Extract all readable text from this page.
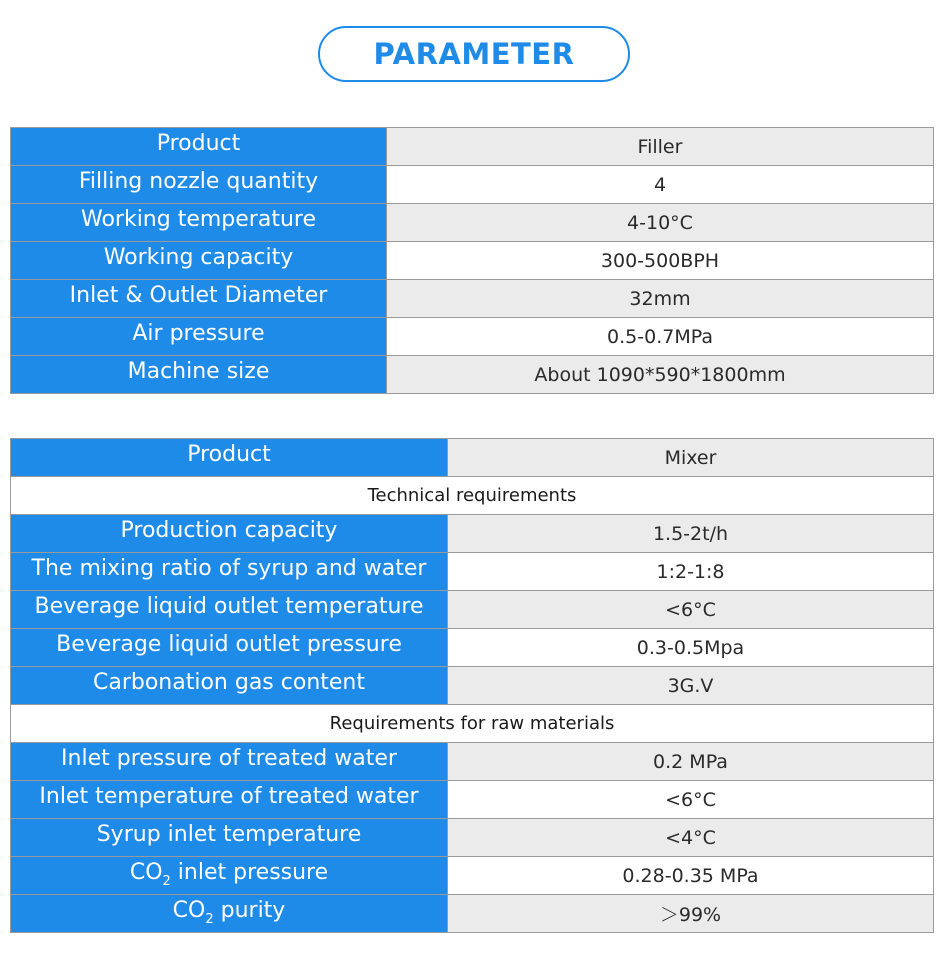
PARAMETER
Product	Filler
Filling nozzle quantity	4
Working temperature	4-10°C
Working capacity	300-500BPH
Inlet & Outlet Diameter	32mm
Air pressure	0.5-0.7MPa
Machine size	About 1090*590*1800mm
Product	Mixer
Technical requirements	
Production capacity	1.5-2t/h
The mixing ratio of syrup and water	1:2-1:8
Beverage liquid outlet temperature	<6°C
Beverage liquid outlet pressure	0.3-0.5Mpa
Carbonation gas content	3G.V
Requirements for raw materials	
Inlet pressure of treated water	0.2 MPa
Inlet temperature of treated water	<6°C
Syrup inlet temperature	<4°C
$CO_2$ inlet pressure	0.28-0.35 MPa
$CO_2$ purity	＞99%
